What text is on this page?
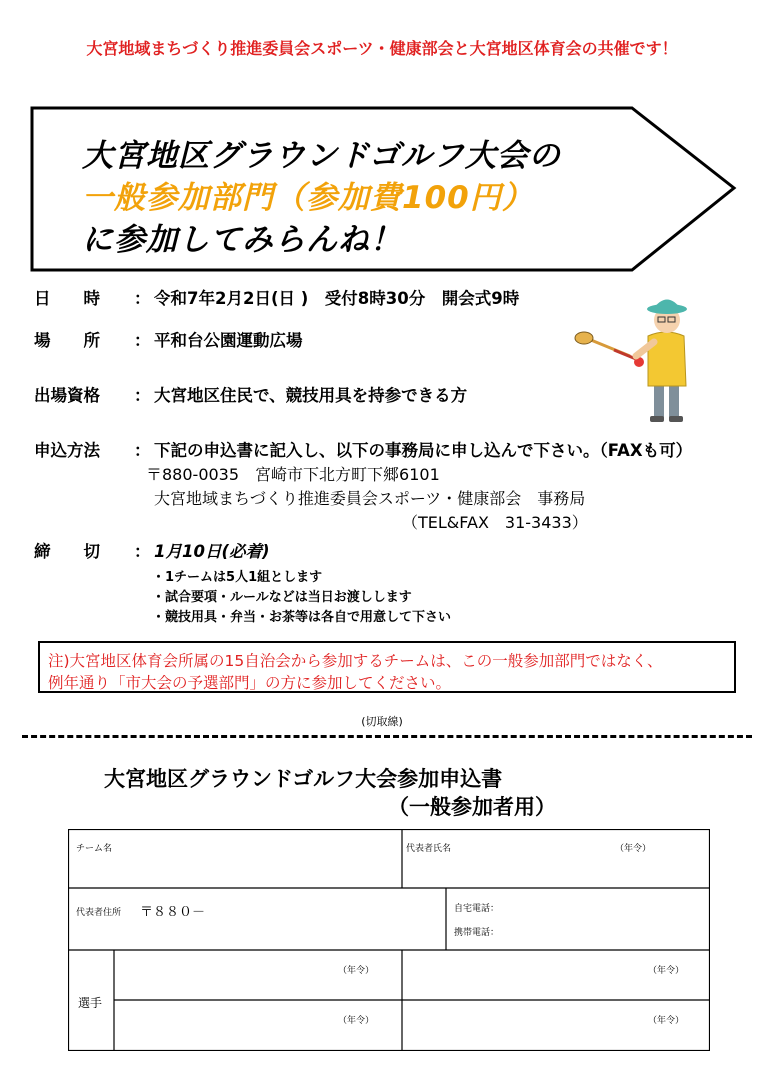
大宮地域まちづくり推進委員会スポーツ・健康部会と大宮地区体育会の共催です！
大宮地区グラウンドゴルフ大会の
一般参加部門（参加費100円）
に参加してみらんね！
日　　時 ： 令和7年2月2日(日 )　受付8時30分　開会式9時
場　　所 ： 平和台公園運動広場
出場資格 ： 大宮地区住民で、競技用具を持参できる方
申込方法 ： 下記の申込書に記入し、以下の事務局に申し込んで下さい。（FAXも可）
〒880-0035　宮崎市下北方町下郷6101
大宮地域まちづくり推進委員会スポーツ・健康部会　事務局
（TEL&FAX　31-3433）
締　　切 ： 1月10日(必着)
・1チームは5人1組とします
・試合要項・ルールなどは当日お渡しします
・競技用具・弁当・お茶等は各自で用意して下さい
注)大宮地区体育会所属の15自治会から参加するチームは、この一般参加部門ではなく、
例年通り「市大会の予選部門」の方に参加してください。
(切取線)
大宮地区グラウンドゴルフ大会参加申込書
（一般参加者用）
チーム名	代表者氏名	（年令）
代表者住所 〒８８０－	自宅電話：
携帯電話：
選手
（年令）	（年令）
（年令）	（年令）
